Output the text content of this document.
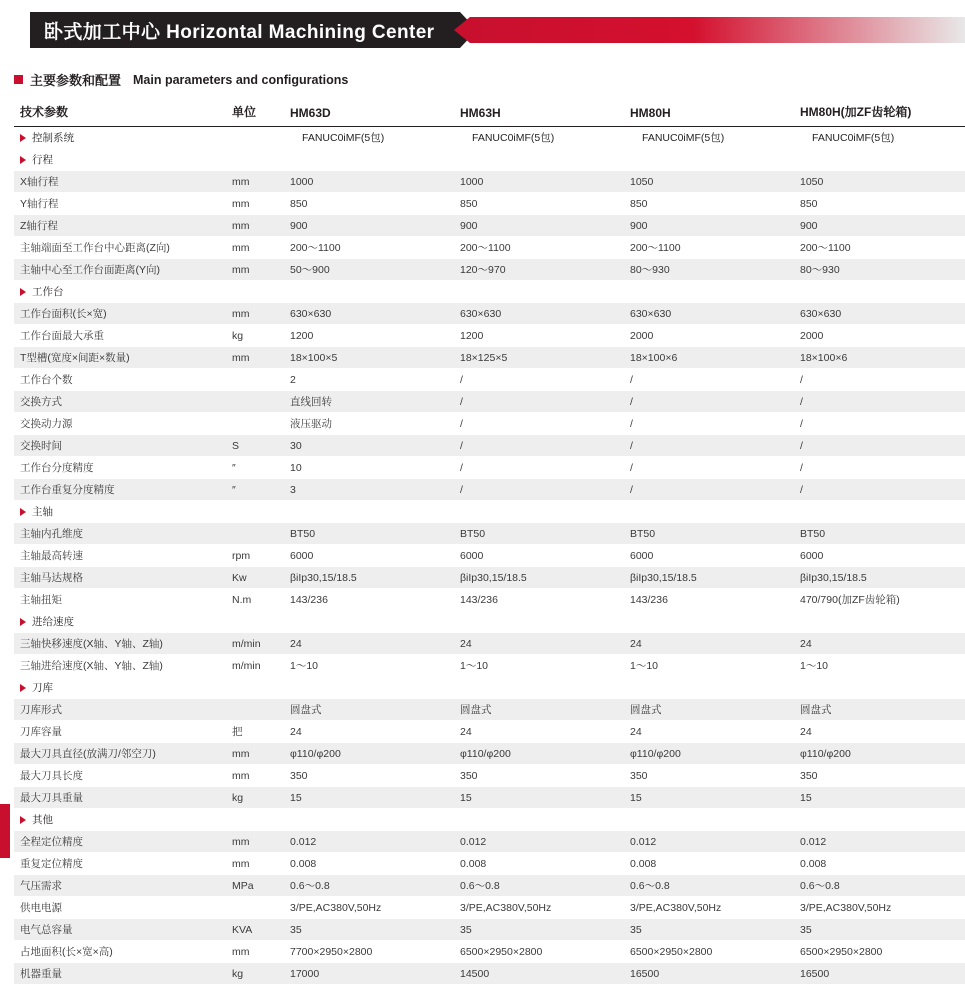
卧式加工中心 Horizontal Machining Center
主要参数和配置 Main parameters and configurations
技术参数	单位	HM63D	HM63H	HM80H	HM80H(加ZF齿轮箱)
控制系统		FANUC0iMF(5包)	FANUC0iMF(5包)	FANUC0iMF(5包)	FANUC0iMF(5包)
行程					
X轴行程	mm	1000	1000	1050	1050
Y轴行程	mm	850	850	850	850
Z轴行程	mm	900	900	900	900
主轴端面至工作台中心距离(Z向)	mm	200～1100	200～1100	200～1100	200～1100
主轴中心至工作台面距离(Y向)	mm	50～900	120～970	80～930	80～930
工作台					
工作台面积(长×宽)	mm	630×630	630×630	630×630	630×630
工作台面最大承重	kg	1200	1200	2000	2000
T型槽(宽度×间距×数量)	mm	18×100×5	18×125×5	18×100×6	18×100×6
工作台个数		2	/	/	/
交换方式		直线回转	/	/	/
交换动力源		液压驱动	/	/	/
交换时间	S	30	/	/	/
工作台分度精度	″	10	/	/	/
工作台重复分度精度	″	3	/	/	/
主轴					
主轴内孔维度		BT50	BT50	BT50	BT50
主轴最高转速	rpm	6000	6000	6000	6000
主轴马达规格	Kw	βiIp30,15/18.5	βiIp30,15/18.5	βiIp30,15/18.5	βiIp30,15/18.5
主轴扭矩	N.m	143/236	143/236	143/236	470/790(加ZF齿轮箱)
进给速度					
三轴快移速度(X轴、Y轴、Z轴)	m/min	24	24	24	24
三轴进给速度(X轴、Y轴、Z轴)	m/min	1～10	1～10	1～10	1～10
刀库					
刀库形式		圆盘式	圆盘式	圆盘式	圆盘式
刀库容量	把	24	24	24	24
最大刀具直径(放满刀/邻空刀)	mm	φ110/φ200	φ110/φ200	φ110/φ200	φ110/φ200
最大刀具长度	mm	350	350	350	350
最大刀具重量	kg	15	15	15	15
其他					
全程定位精度	mm	0.012	0.012	0.012	0.012
重复定位精度	mm	0.008	0.008	0.008	0.008
气压需求	MPa	0.6～0.8	0.6～0.8	0.6～0.8	0.6～0.8
供电电源		3/PE,AC380V,50Hz	3/PE,AC380V,50Hz	3/PE,AC380V,50Hz	3/PE,AC380V,50Hz
电气总容量	KVA	35	35	35	35
占地面积(长×宽×高)	mm	7700×2950×2800	6500×2950×2800	6500×2950×2800	6500×2950×2800
机器重量	kg	17000	14500	16500	16500
